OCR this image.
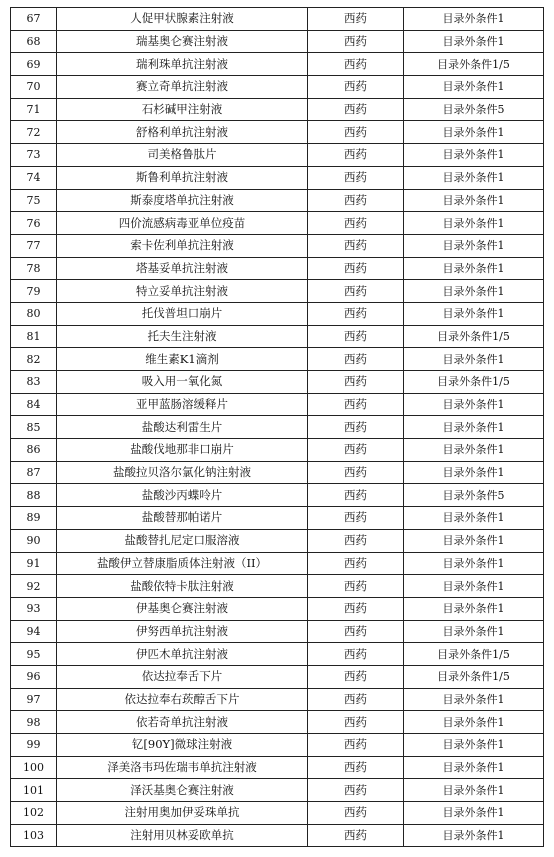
67	人促甲状腺素注射液	西药	目录外条件1
68	瑞基奥仑赛注射液	西药	目录外条件1
69	瑞利珠单抗注射液	西药	目录外条件1/5
70	赛立奇单抗注射液	西药	目录外条件1
71	石杉碱甲注射液	西药	目录外条件5
72	舒格利单抗注射液	西药	目录外条件1
73	司美格鲁肽片	西药	目录外条件1
74	斯鲁利单抗注射液	西药	目录外条件1
75	斯泰度塔单抗注射液	西药	目录外条件1
76	四价流感病毒亚单位疫苗	西药	目录外条件1
77	索卡佐利单抗注射液	西药	目录外条件1
78	塔基妥单抗注射液	西药	目录外条件1
79	特立妥单抗注射液	西药	目录外条件1
80	托伐普坦口崩片	西药	目录外条件1
81	托夫生注射液	西药	目录外条件1/5
82	维生素K1滴剂	西药	目录外条件1
83	吸入用一氧化氮	西药	目录外条件1/5
84	亚甲蓝肠溶缓释片	西药	目录外条件1
85	盐酸达利雷生片	西药	目录外条件1
86	盐酸伐地那非口崩片	西药	目录外条件1
87	盐酸拉贝洛尔氯化钠注射液	西药	目录外条件1
88	盐酸沙丙蝶呤片	西药	目录外条件5
89	盐酸替那帕诺片	西药	目录外条件1
90	盐酸替扎尼定口服溶液	西药	目录外条件1
91	盐酸伊立替康脂质体注射液（II）	西药	目录外条件1
92	盐酸依特卡肽注射液	西药	目录外条件1
93	伊基奥仑赛注射液	西药	目录外条件1
94	伊努西单抗注射液	西药	目录外条件1
95	伊匹木单抗注射液	西药	目录外条件1/5
96	依达拉奉舌下片	西药	目录外条件1/5
97	依达拉奉右莰醇舌下片	西药	目录外条件1
98	依若奇单抗注射液	西药	目录外条件1
99	钇[90Y]微球注射液	西药	目录外条件1
100	泽美洛韦玛佐瑞韦单抗注射液	西药	目录外条件1
101	泽沃基奥仑赛注射液	西药	目录外条件1
102	注射用奥加伊妥珠单抗	西药	目录外条件1
103	注射用贝林妥欧单抗	西药	目录外条件1
